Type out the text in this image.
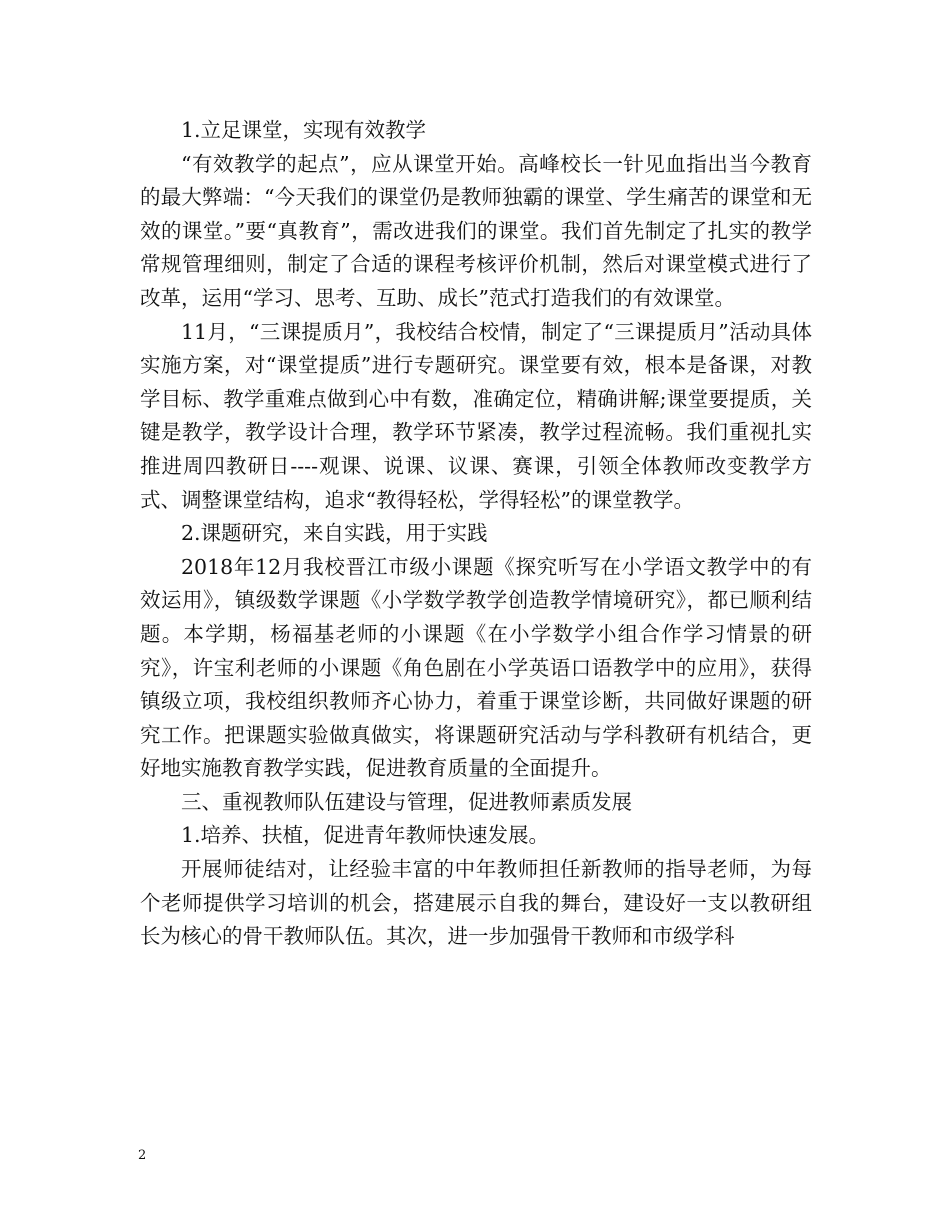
1.立足课堂，实现有效教学

“有效教学的起点”，应从课堂开始。高峰校长一针见血指出当今教育的最大弊端：“今天我们的课堂仍是教师独霸的课堂、学生痛苦的课堂和无效的课堂。”要“真教育”，需改进我们的课堂。我们首先制定了扎实的教学常规管理细则，制定了合适的课程考核评价机制，然后对课堂模式进行了改革，运用“学习、思考、互助、成长”范式打造我们的有效课堂。

11月，“三课提质月”，我校结合校情，制定了“三课提质月”活动具体实施方案，对“课堂提质”进行专题研究。课堂要有效，根本是备课，对教学目标、教学重难点做到心中有数，准确定位，精确讲解;课堂要提质，关键是教学，教学设计合理，教学环节紧凑，教学过程流畅。我们重视扎实推进周四教研日----观课、说课、议课、赛课，引领全体教师改变教学方式、调整课堂结构，追求“教得轻松，学得轻松”的课堂教学。

2.课题研究，来自实践，用于实践

2018年12月我校晋江市级小课题《探究听写在小学语文教学中的有效运用》，镇级数学课题《小学数学教学创造教学情境研究》，都已顺利结题。本学期，杨福基老师的小课题《在小学数学小组合作学习情景的研究》，许宝利老师的小课题《角色剧在小学英语口语教学中的应用》，获得镇级立项，我校组织教师齐心协力，着重于课堂诊断，共同做好课题的研究工作。把课题实验做真做实，将课题研究活动与学科教研有机结合，更好地实施教育教学实践，促进教育质量的全面提升。

三、重视教师队伍建设与管理，促进教师素质发展

1.培养、扶植，促进青年教师快速发展。

开展师徒结对，让经验丰富的中年教师担任新教师的指导老师，为每个老师提供学习培训的机会，搭建展示自我的舞台，建设好一支以教研组长为核心的骨干教师队伍。其次，进一步加强骨干教师和市级学科

2
